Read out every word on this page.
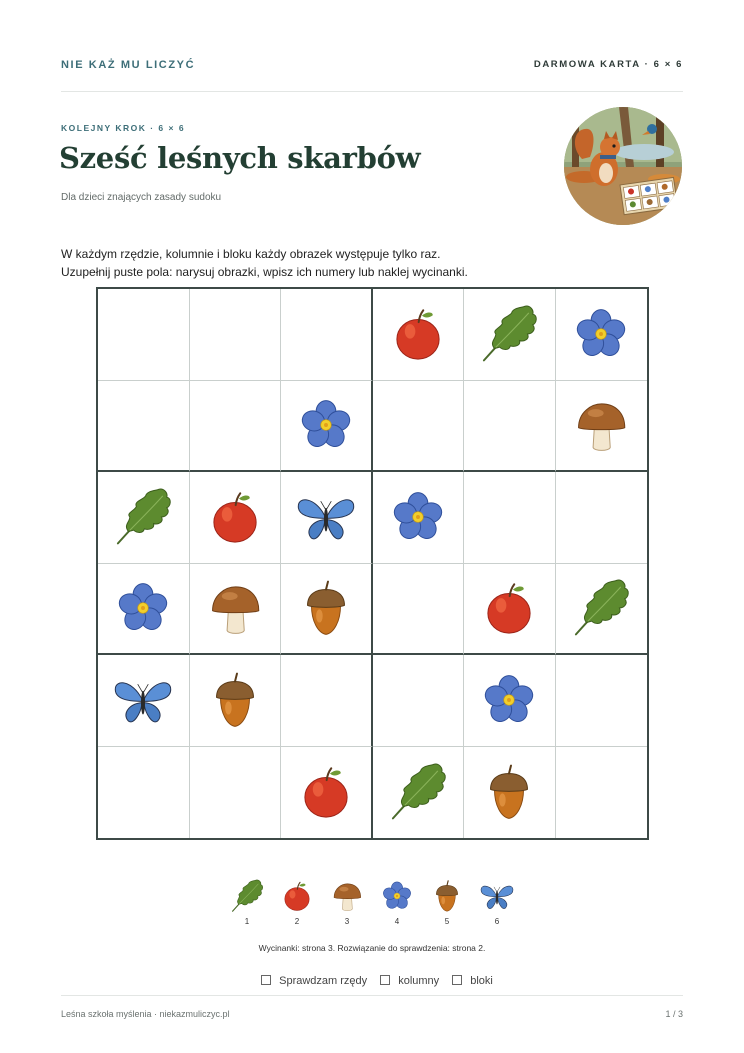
NIE KAŻ MU LICZYĆ	DARMOWA KARTA · 6 × 6
KOLEJNY KROK · 6 × 6
Sześć leśnych skarbów
Dla dzieci znających zasady sudoku
W każdym rzędzie, kolumnie i bloku każdy obrazek występuje tylko raz.
Uzupełnij puste pola: narysuj obrazki, wpisz ich numery lub naklej wycinanki.
1	2	3	4	5	6
Wycinanki: strona 3. Rozwiązanie do sprawdzenia: strona 2.
Sprawdzam rzędy	kolumny	bloki
Leśna szkoła myślenia · niekazmuliczyc.pl	1 / 3
